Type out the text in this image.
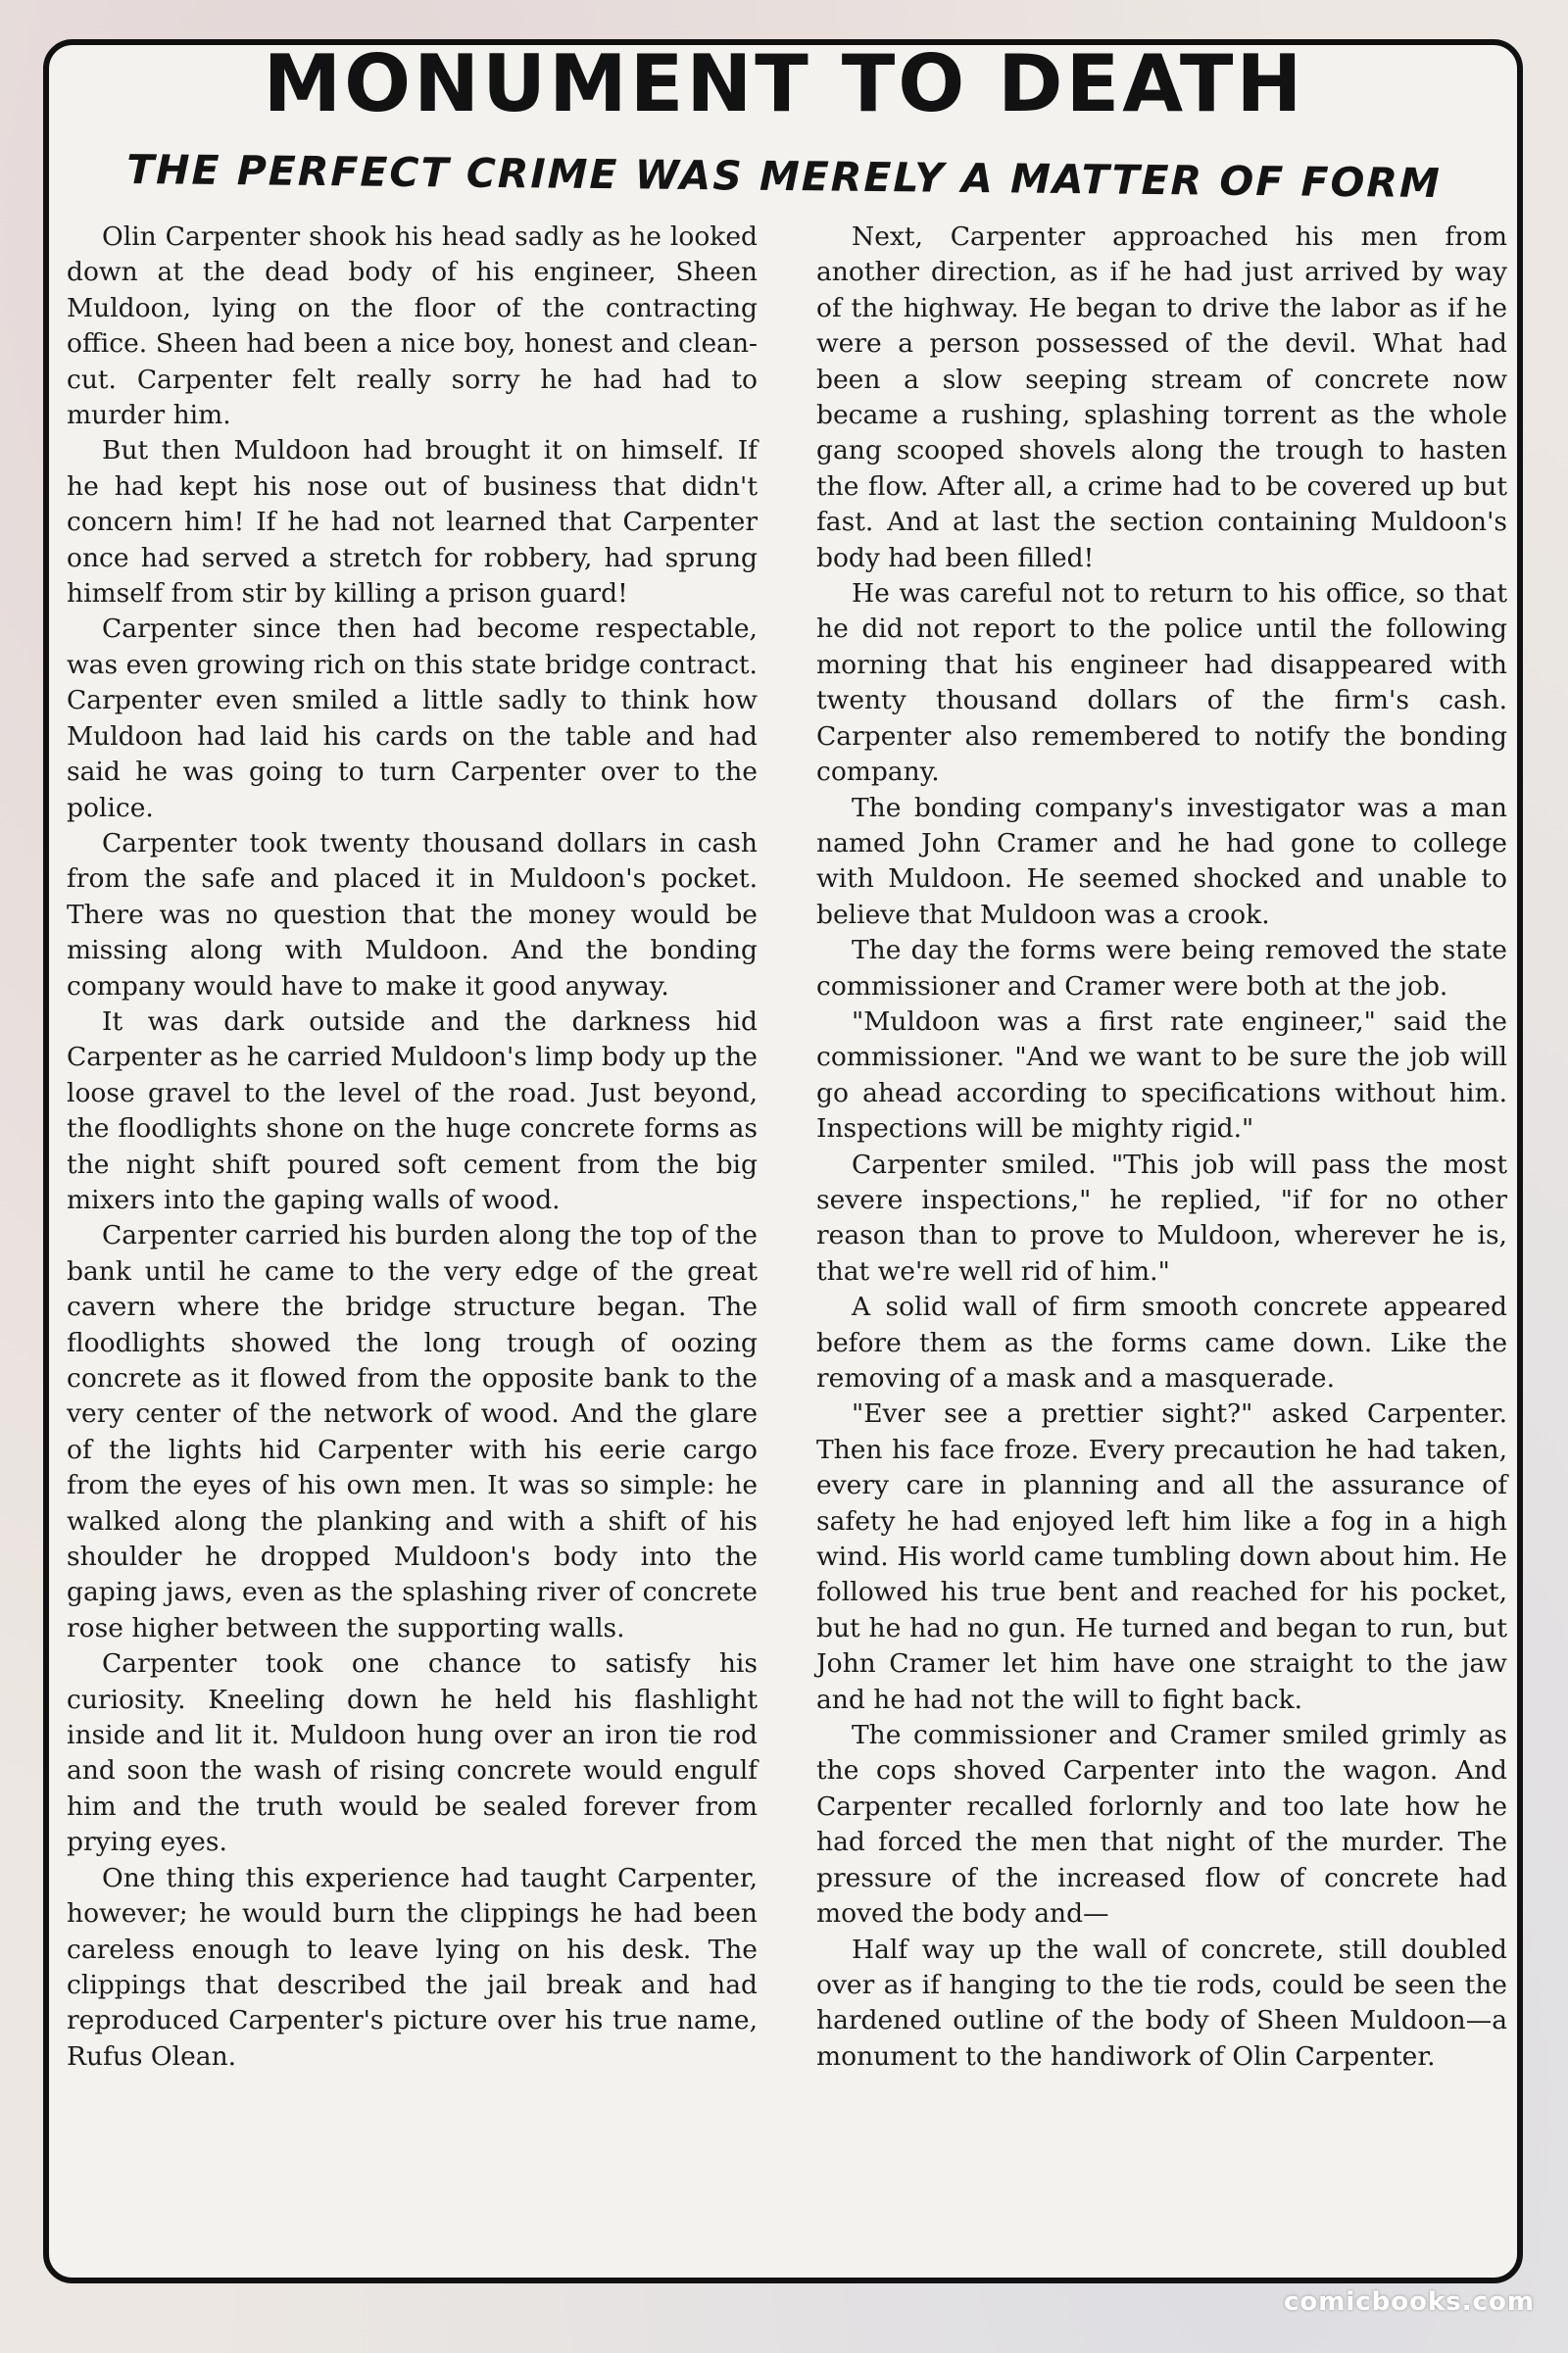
MONUMENT TO DEATH
THE PERFECT CRIME WAS MERELY A MATTER OF FORM

Olin Carpenter shook his head sadly as he looked down at the dead body of his engineer, Sheen Muldoon, lying on the floor of the contracting office. Sheen had been a nice boy, honest and clean-cut. Carpenter felt really sorry he had had to murder him.

But then Muldoon had brought it on himself. If he had kept his nose out of business that didn't concern him! If he had not learned that Carpenter once had served a stretch for robbery, had sprung himself from stir by killing a prison guard!

Carpenter since then had become respectable, was even growing rich on this state bridge contract. Carpenter even smiled a little sadly to think how Muldoon had laid his cards on the table and had said he was going to turn Carpenter over to the police.

Carpenter took twenty thousand dollars in cash from the safe and placed it in Muldoon's pocket. There was no question that the money would be missing along with Muldoon. And the bonding company would have to make it good anyway.

It was dark outside and the darkness hid Carpenter as he carried Muldoon's limp body up the loose gravel to the level of the road. Just beyond, the floodlights shone on the huge concrete forms as the night shift poured soft cement from the big mixers into the gaping walls of wood.

Carpenter carried his burden along the top of the bank until he came to the very edge of the great cavern where the bridge structure began. The floodlights showed the long trough of oozing concrete as it flowed from the opposite bank to the very center of the network of wood. And the glare of the lights hid Carpenter with his eerie cargo from the eyes of his own men. It was so simple: he walked along the planking and with a shift of his shoulder he dropped Muldoon's body into the gaping jaws, even as the splashing river of concrete rose higher between the supporting walls.

Carpenter took one chance to satisfy his curiosity. Kneeling down he held his flashlight inside and lit it. Muldoon hung over an iron tie rod and soon the wash of rising concrete would engulf him and the truth would be sealed forever from prying eyes.

One thing this experience had taught Carpenter, however; he would burn the clippings he had been careless enough to leave lying on his desk. The clippings that described the jail break and had reproduced Carpenter's picture over his true name, Rufus Olean.

Next, Carpenter approached his men from another direction, as if he had just arrived by way of the highway. He began to drive the labor as if he were a person possessed of the devil. What had been a slow seeping stream of concrete now became a rushing, splashing torrent as the whole gang scooped shovels along the trough to hasten the flow. After all, a crime had to be covered up but fast. And at last the section containing Muldoon's body had been filled!

He was careful not to return to his office, so that he did not report to the police until the following morning that his engineer had disappeared with twenty thousand dollars of the firm's cash. Carpenter also remembered to notify the bonding company.

The bonding company's investigator was a man named John Cramer and he had gone to college with Muldoon. He seemed shocked and unable to believe that Muldoon was a crook.

The day the forms were being removed the state commissioner and Cramer were both at the job.

"Muldoon was a first rate engineer," said the commissioner. "And we want to be sure the job will go ahead according to specifications without him. Inspections will be mighty rigid."

Carpenter smiled. "This job will pass the most severe inspections," he replied, "if for no other reason than to prove to Muldoon, wherever he is, that we're well rid of him."

A solid wall of firm smooth concrete appeared before them as the forms came down. Like the removing of a mask and a masquerade.

"Ever see a prettier sight?" asked Carpenter. Then his face froze. Every precaution he had taken, every care in planning and all the assurance of safety he had enjoyed left him like a fog in a high wind. His world came tumbling down about him. He followed his true bent and reached for his pocket, but he had no gun. He turned and began to run, but John Cramer let him have one straight to the jaw and he had not the will to fight back.

The commissioner and Cramer smiled grimly as the cops shoved Carpenter into the wagon. And Carpenter recalled forlornly and too late how he had forced the men that night of the murder. The pressure of the increased flow of concrete had moved the body and—

Half way up the wall of concrete, still doubled over as if hanging to the tie rods, could be seen the hardened outline of the body of Sheen Muldoon—a monument to the handiwork of Olin Carpenter.

comicbooks.com
